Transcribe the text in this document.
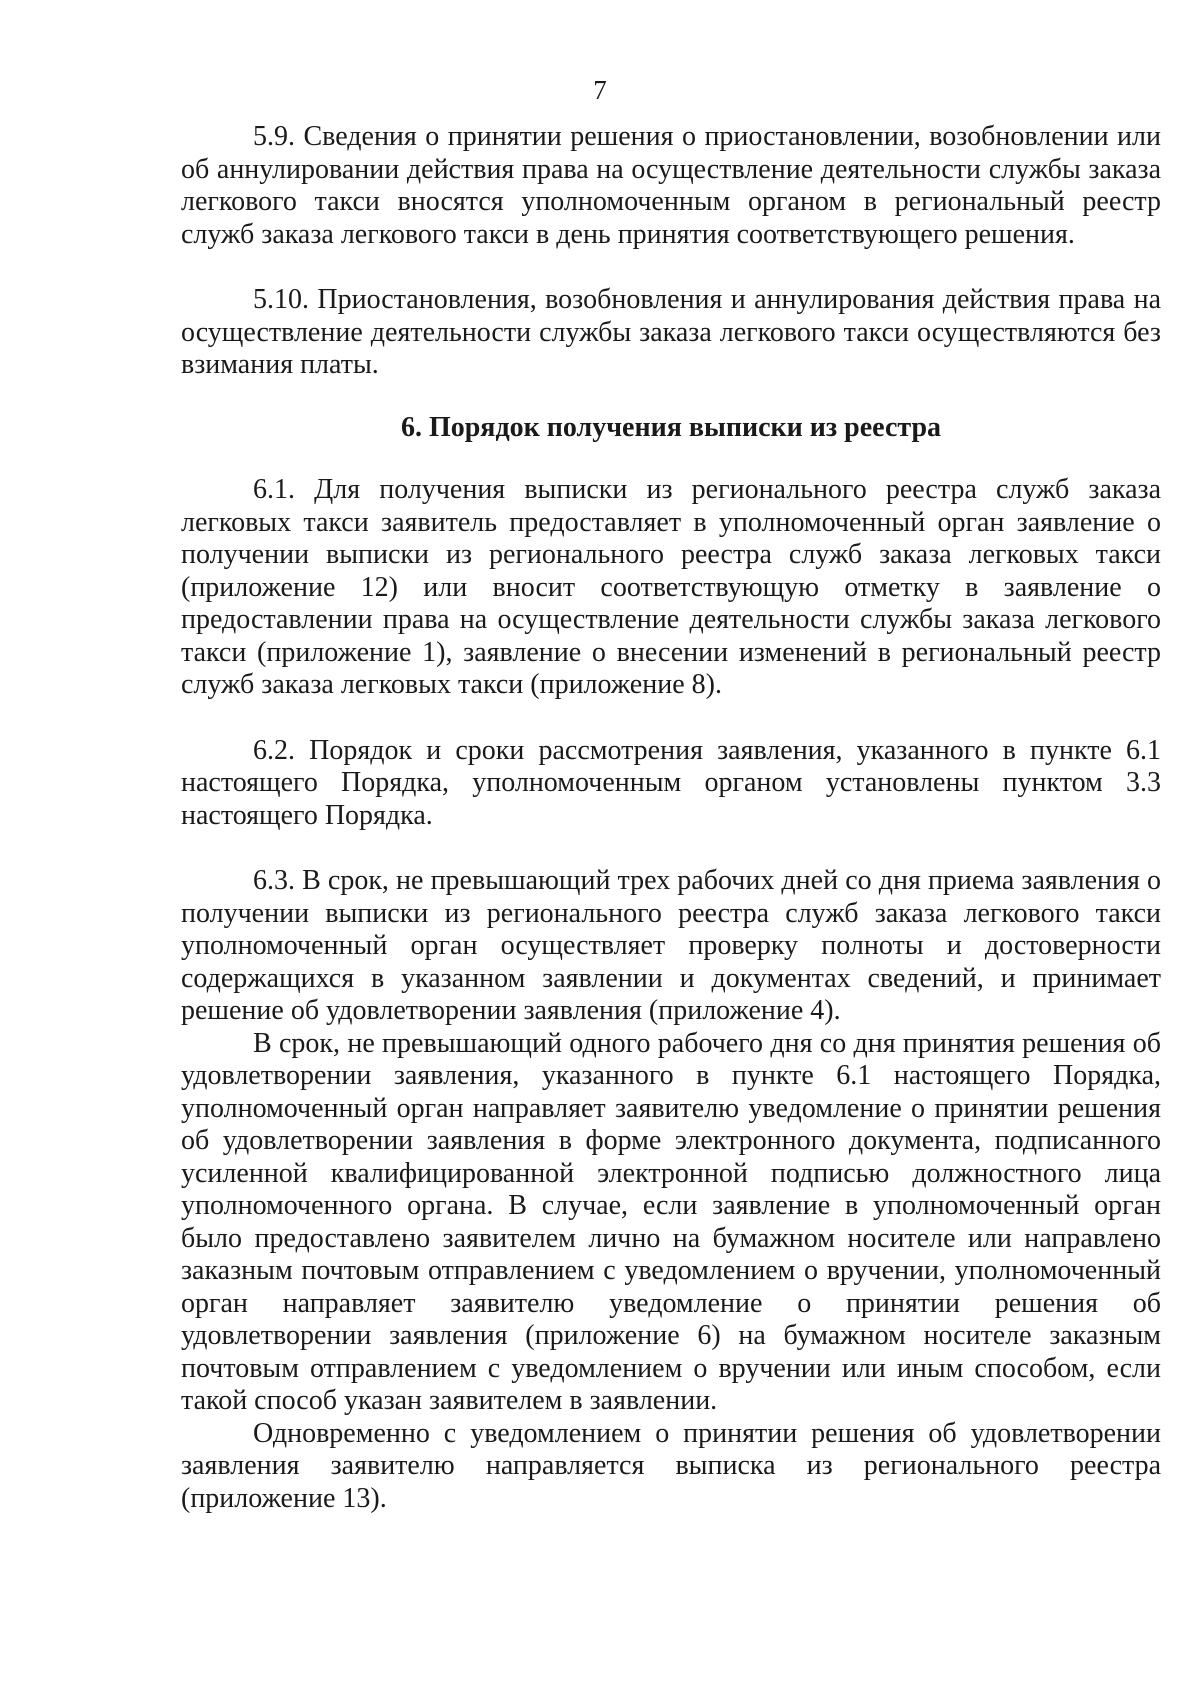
7

5.9. Сведения о принятии решения о приостановлении, возобновлении или об аннулировании действия права на осуществление деятельности службы заказа легкового такси вносятся уполномоченным органом в региональный реестр служб заказа легкового такси в день принятия соответствующего решения.

5.10. Приостановления, возобновления и аннулирования действия права на осуществление деятельности службы заказа легкового такси осуществляются без взимания платы.

6. Порядок получения выписки из реестра

6.1. Для получения выписки из регионального реестра служб заказа легковых такси заявитель предоставляет в уполномоченный орган заявление о получении выписки из регионального реестра служб заказа легковых такси (приложение 12) или вносит соответствующую отметку в заявление о предоставлении права на осуществление деятельности службы заказа легкового такси (приложение 1), заявление о внесении изменений в региональный реестр служб заказа легковых такси (приложение 8).

6.2. Порядок и сроки рассмотрения заявления, указанного в пункте 6.1 настоящего Порядка, уполномоченным органом установлены пунктом 3.3 настоящего Порядка.

6.3. В срок, не превышающий трех рабочих дней со дня приема заявления о получении выписки из регионального реестра служб заказа легкового такси уполномоченный орган осуществляет проверку полноты и достоверности содержащихся в указанном заявлении и документах сведений, и принимает решение об удовлетворении заявления (приложение 4).

В срок, не превышающий одного рабочего дня со дня принятия решения об удовлетворении заявления, указанного в пункте 6.1 настоящего Порядка, уполномоченный орган направляет заявителю уведомление о принятии решения об удовлетворении заявления в форме электронного документа, подписанного усиленной квалифицированной электронной подписью должностного лица уполномоченного органа. В случае, если заявление в уполномоченный орган было предоставлено заявителем лично на бумажном носителе или направлено заказным почтовым отправлением с уведомлением о вручении, уполномоченный орган направляет заявителю уведомление о принятии решения об удовлетворении заявления (приложение 6) на бумажном носителе заказным почтовым отправлением с уведомлением о вручении или иным способом, если такой способ указан заявителем в заявлении.

Одновременно с уведомлением о принятии решения об удовлетворении заявления заявителю направляется выписка из регионального реестра (приложение 13).
